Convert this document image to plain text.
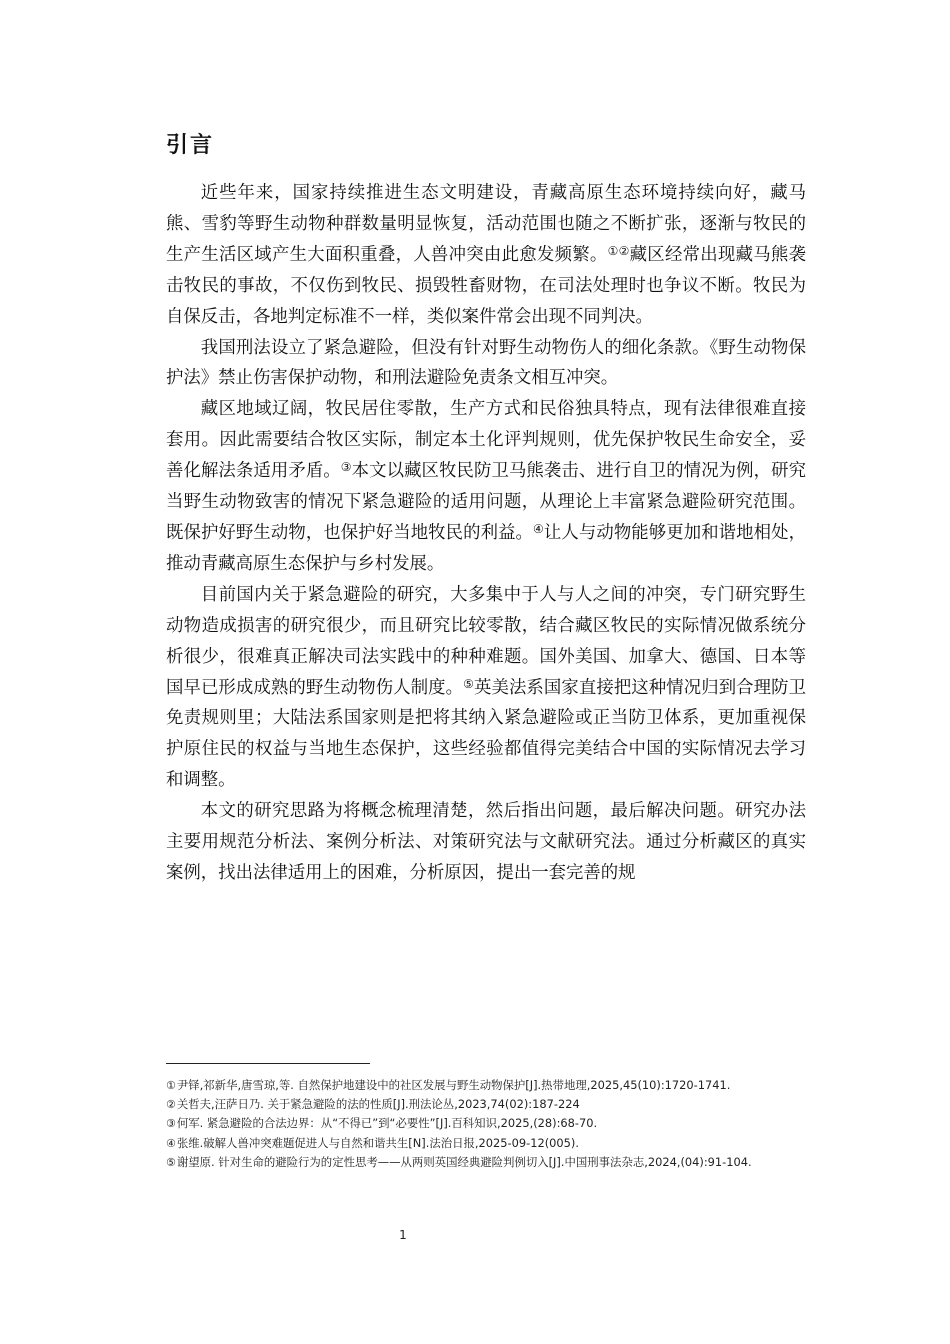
引言

近些年来，国家持续推进生态文明建设，青藏高原生态环境持续向好，藏马熊、雪豹等野生动物种群数量明显恢复，活动范围也随之不断扩张，逐渐与牧民的生产生活区域产生大面积重叠，人兽冲突由此愈发频繁。①②藏区经常出现藏马熊袭击牧民的事故，不仅伤到牧民、损毁牲畜财物，在司法处理时也争议不断。牧民为自保反击，各地判定标准不一样，类似案件常会出现不同判决。

我国刑法设立了紧急避险，但没有针对野生动物伤人的细化条款。《野生动物保护法》禁止伤害保护动物，和刑法避险免责条文相互冲突。

藏区地域辽阔，牧民居住零散，生产方式和民俗独具特点，现有法律很难直接套用。因此需要结合牧区实际，制定本土化评判规则，优先保护牧民生命安全，妥善化解法条适用矛盾。③本文以藏区牧民防卫马熊袭击、进行自卫的情况为例，研究当野生动物致害的情况下紧急避险的适用问题，从理论上丰富紧急避险研究范围。既保护好野生动物，也保护好当地牧民的利益。④让人与动物能够更加和谐地相处，推动青藏高原生态保护与乡村发展。

目前国内关于紧急避险的研究，大多集中于人与人之间的冲突，专门研究野生动物造成损害的研究很少，而且研究比较零散，结合藏区牧民的实际情况做系统分析很少，很难真正解决司法实践中的种种难题。国外美国、加拿大、德国、日本等国早已形成成熟的野生动物伤人制度。⑤英美法系国家直接把这种情况归到合理防卫免责规则里；大陆法系国家则是把将其纳入紧急避险或正当防卫体系，更加重视保护原住民的权益与当地生态保护，这些经验都值得完美结合中国的实际情况去学习和调整。

本文的研究思路为将概念梳理清楚，然后指出问题，最后解决问题。研究办法主要用规范分析法、案例分析法、对策研究法与文献研究法。通过分析藏区的真实案例，找出法律适用上的困难，分析原因，提出一套完善的规

①尹铎,祁新华,唐雪琼,等. 自然保护地建设中的社区发展与野生动物保护[J].热带地理,2025,45(10):1720-1741.

②关哲夫,汪萨日乃. 关于紧急避险的法的性质[J].刑法论丛,2023,74(02):187-224

③何军. 紧急避险的合法边界：从“不得已”到“必要性”[J].百科知识,2025,(28):68-70.

④张维.破解人兽冲突难题促进人与自然和谐共生[N].法治日报,2025-09-12(005).

⑤谢望原. 针对生命的避险行为的定性思考——从两则英国经典避险判例切入[J].中国刑事法杂志,2024,(04):91-104.

1
